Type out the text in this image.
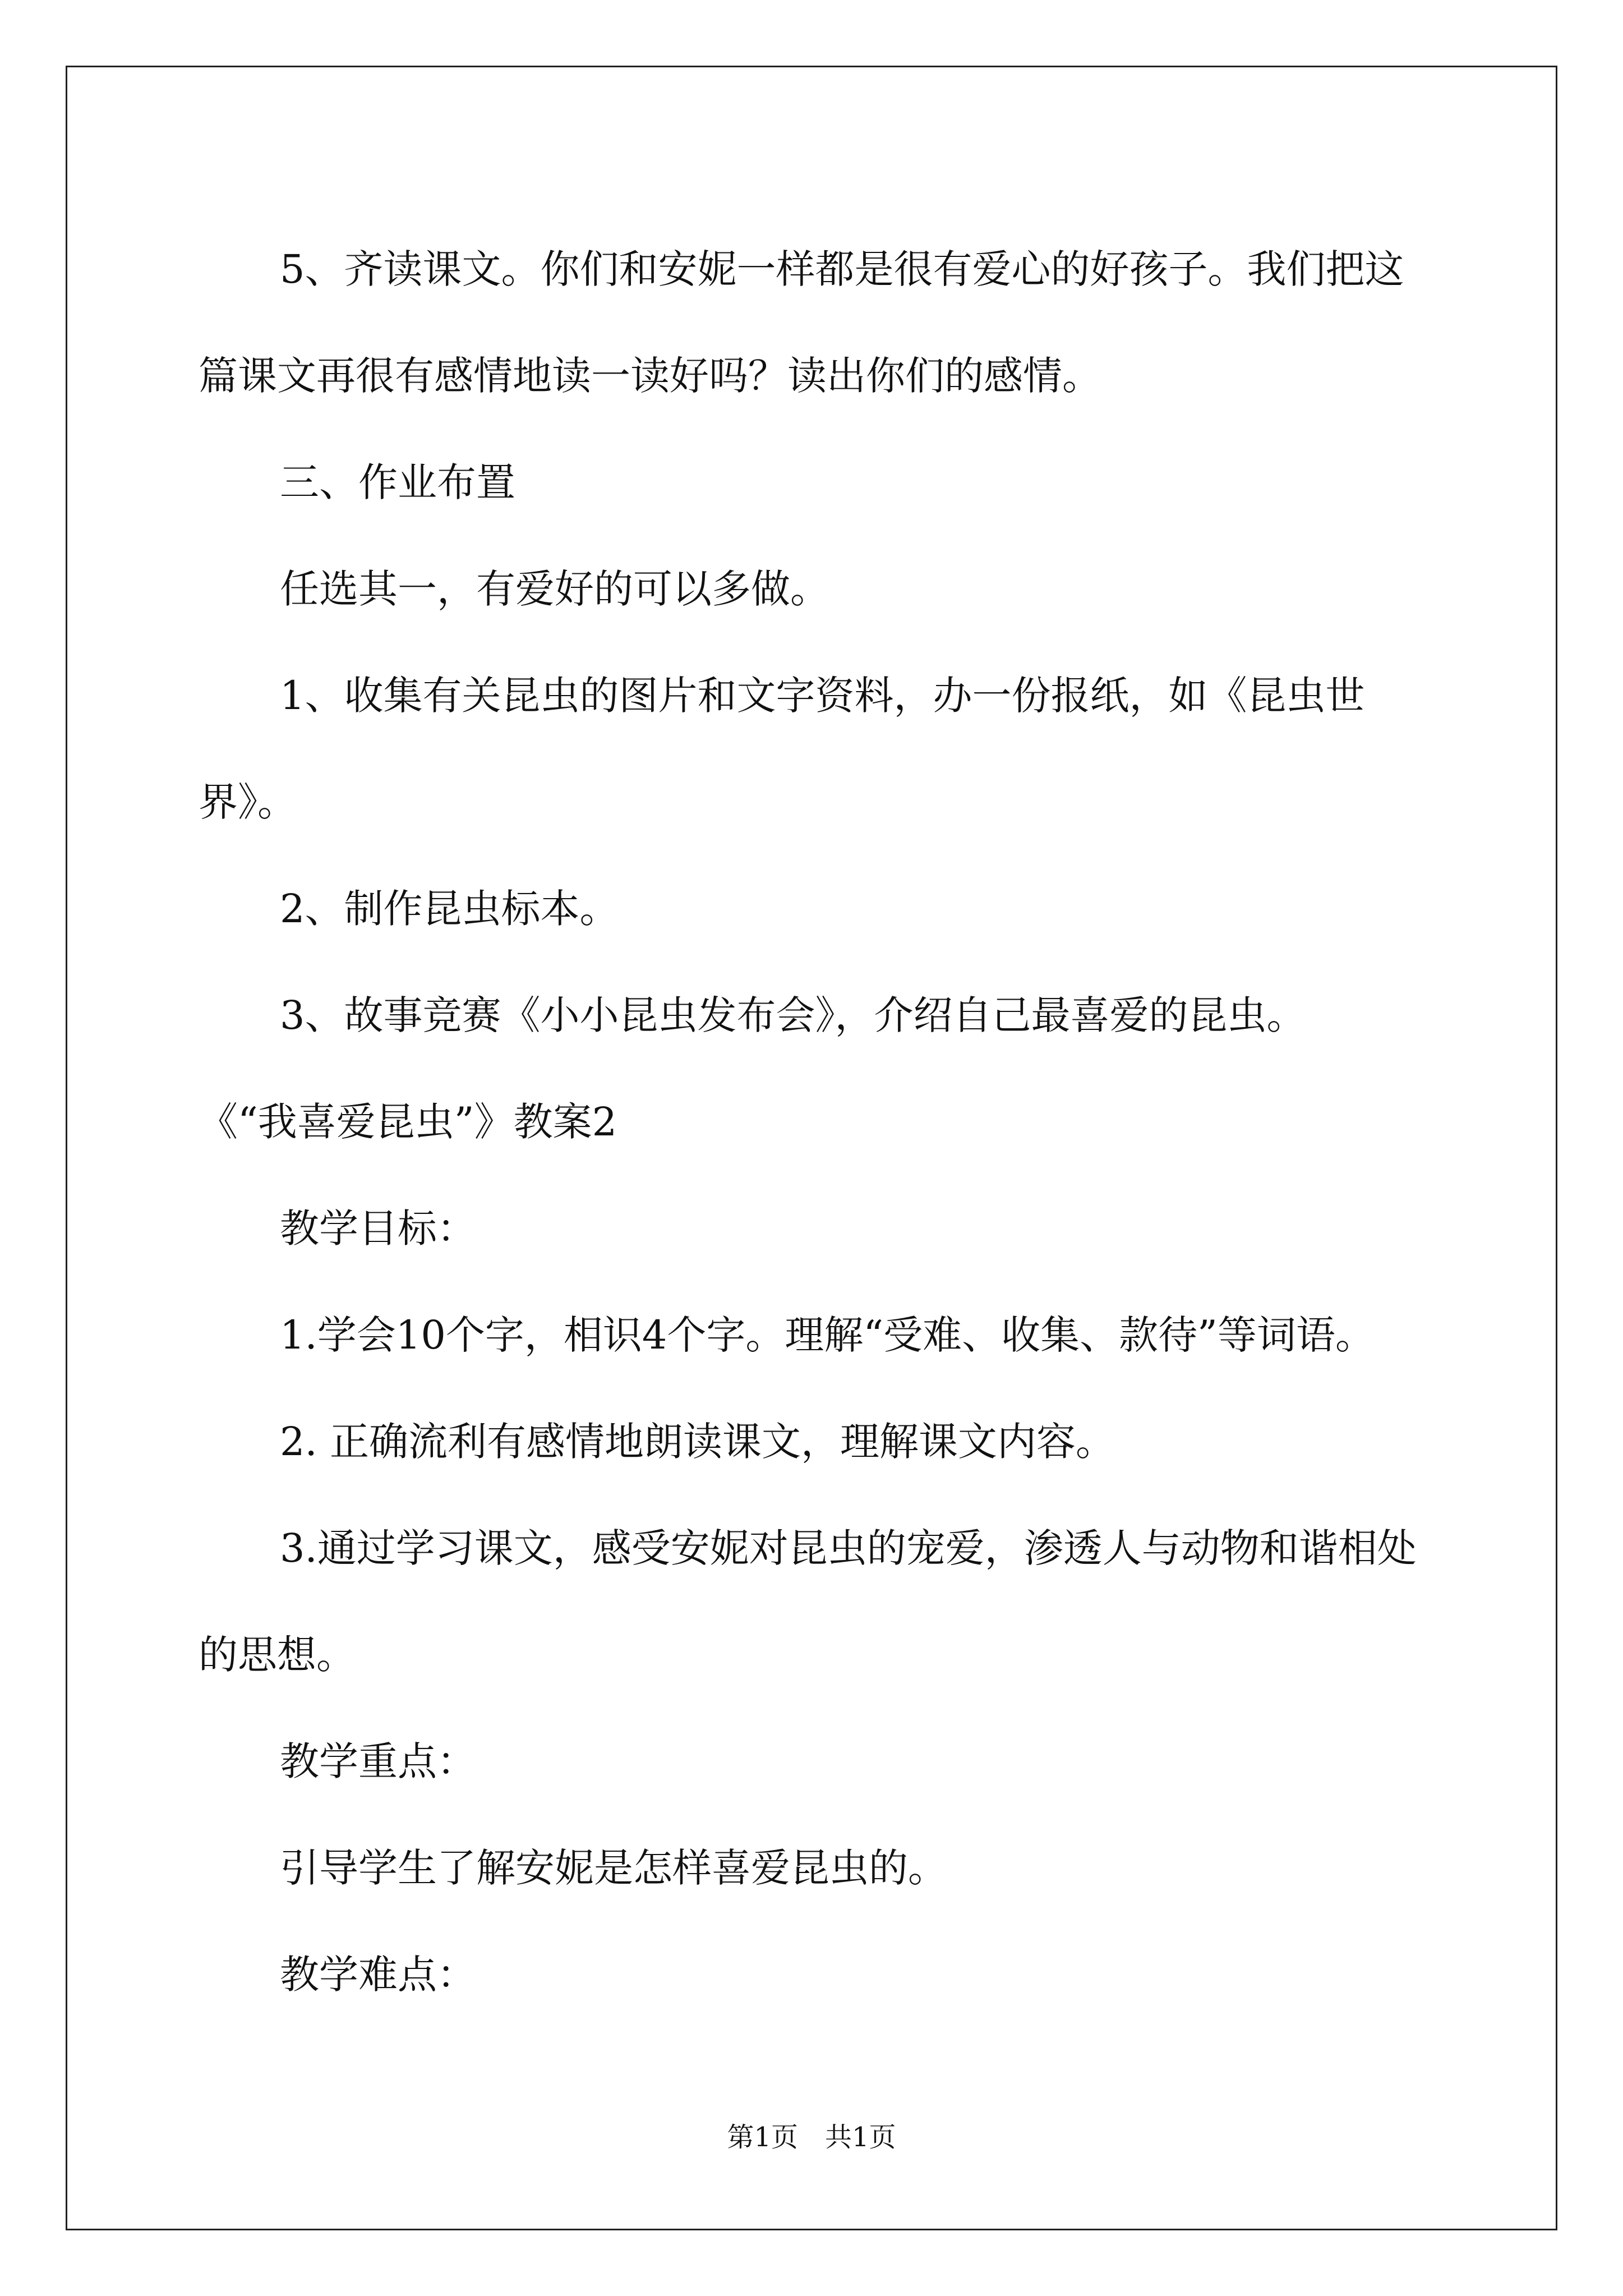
5、齐读课文。你们和安妮一样都是很有爱心的好孩子。我们把这篇课文再很有感情地读一读好吗？读出你们的感情。

三、作业布置

任选其一，有爱好的可以多做。

1、收集有关昆虫的图片和文字资料，办一份报纸，如《昆虫世界》。

2、制作昆虫标本。

3、故事竞赛《小小昆虫发布会》，介绍自己最喜爱的昆虫。

《“我喜爱昆虫”》教案2

教学目标：

1.学会10个字，相识4个字。理解“受难、收集、款待”等词语。

2. 正确流利有感情地朗读课文，理解课文内容。

3.通过学习课文，感受安妮对昆虫的宠爱，渗透人与动物和谐相处的思想。

教学重点：

引导学生了解安妮是怎样喜爱昆虫的。

教学难点：

第1页　共1页
